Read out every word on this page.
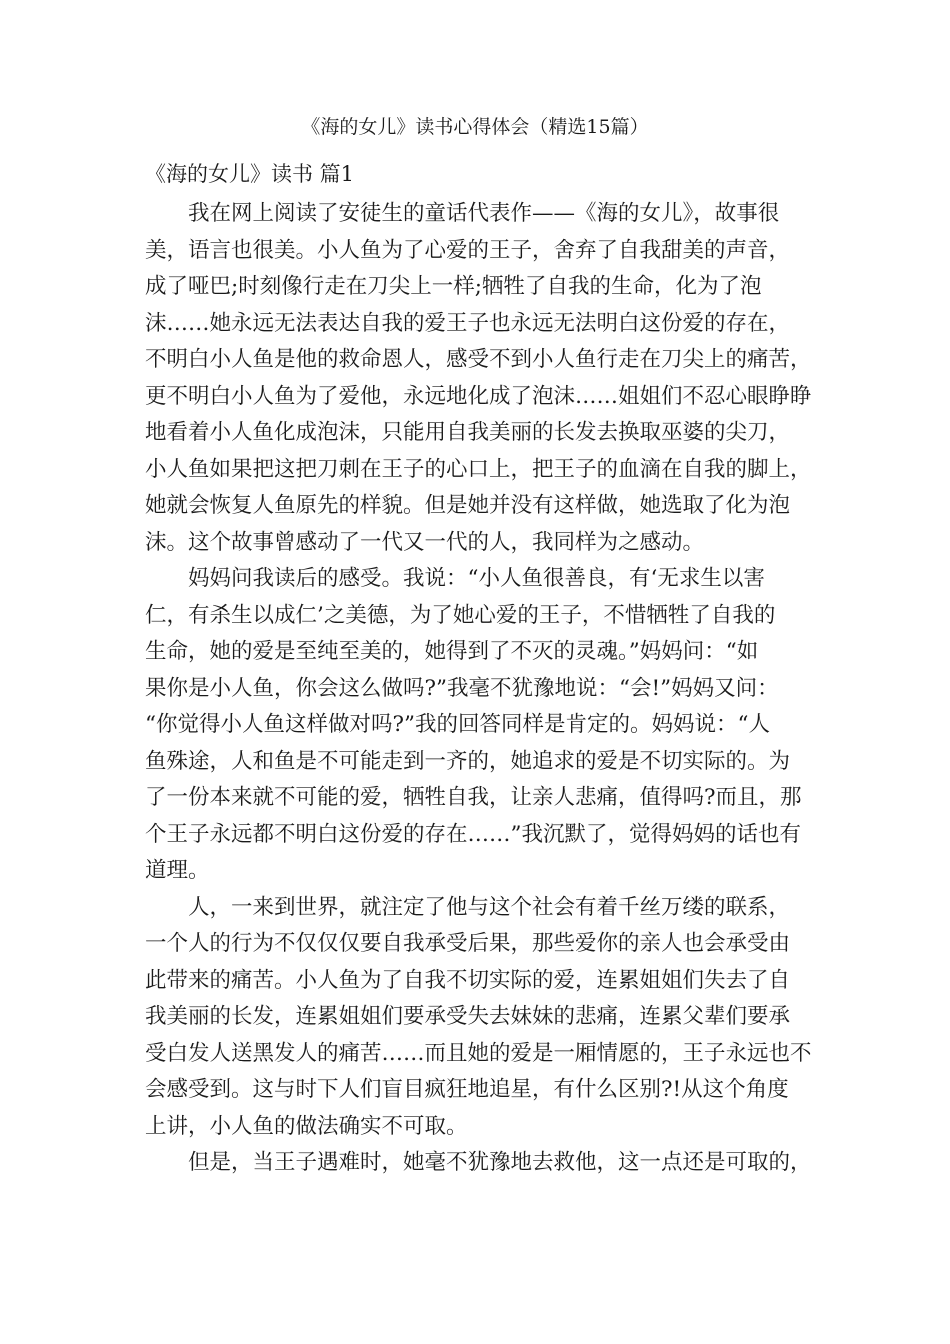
《海的女儿》读书心得体会（精选15篇）
《海的女儿》读书 篇1

我在网上阅读了安徒生的童话代表作——《海的女儿》，故事很
美，语言也很美。小人鱼为了心爱的王子，舍弃了自我甜美的声音，
成了哑巴;时刻像行走在刀尖上一样;牺牲了自我的生命，化为了泡
沫……她永远无法表达自我的爱王子也永远无法明白这份爱的存在，
不明白小人鱼是他的救命恩人，感受不到小人鱼行走在刀尖上的痛苦，
更不明白小人鱼为了爱他，永远地化成了泡沫……姐姐们不忍心眼睁睁
地看着小人鱼化成泡沫，只能用自我美丽的长发去换取巫婆的尖刀，
小人鱼如果把这把刀刺在王子的心口上，把王子的血滴在自我的脚上，
她就会恢复人鱼原先的样貌。但是她并没有这样做，她选取了化为泡
沫。这个故事曾感动了一代又一代的人，我同样为之感动。

妈妈问我读后的感受。我说：“小人鱼很善良，有‘无求生以害
仁，有杀生以成仁’之美德，为了她心爱的王子，不惜牺牲了自我的
生命，她的爱是至纯至美的，她得到了不灭的灵魂。”妈妈问：“如
果你是小人鱼，你会这么做吗?”我毫不犹豫地说：“会!”妈妈又问：
“你觉得小人鱼这样做对吗?”我的回答同样是肯定的。妈妈说：“人
鱼殊途，人和鱼是不可能走到一齐的，她追求的爱是不切实际的。为
了一份本来就不可能的爱，牺牲自我，让亲人悲痛，值得吗?而且，那
个王子永远都不明白这份爱的存在……”我沉默了，觉得妈妈的话也有
道理。

人，一来到世界，就注定了他与这个社会有着千丝万缕的联系，
一个人的行为不仅仅仅要自我承受后果，那些爱你的亲人也会承受由
此带来的痛苦。小人鱼为了自我不切实际的爱，连累姐姐们失去了自
我美丽的长发，连累姐姐们要承受失去妹妹的悲痛，连累父辈们要承
受白发人送黑发人的痛苦……而且她的爱是一厢情愿的，王子永远也不
会感受到。这与时下人们盲目疯狂地追星，有什么区别?!从这个角度
上讲，小人鱼的做法确实不可取。

但是，当王子遇难时，她毫不犹豫地去救他，这一点还是可取的，
